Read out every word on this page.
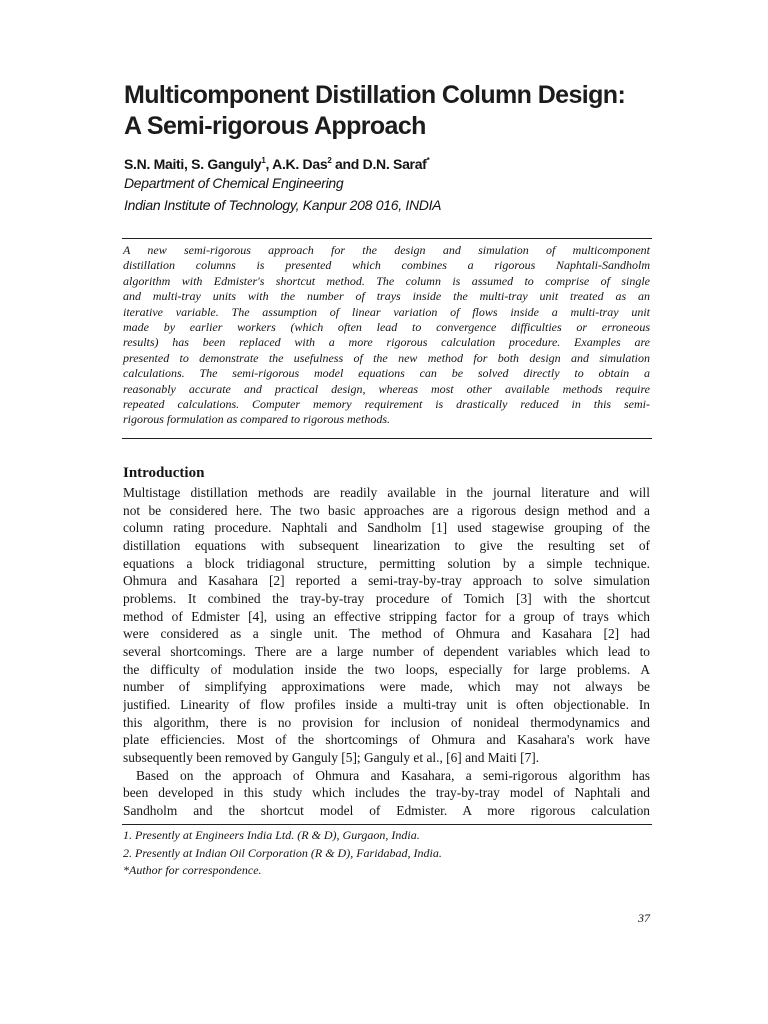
Multicomponent Distillation Column Design:
A Semi-rigorous Approach
S.N. Maiti, S. Ganguly$^1$, A.K. Das$^2$ and D.N. Saraf*
Department of Chemical Engineering
Indian Institute of Technology, Kanpur 208 016, INDIA

A new semi-rigorous approach for the design and simulation of multicomponent
distillation columns is presented which combines a rigorous Naphtali-Sandholm
algorithm with Edmister's shortcut method. The column is assumed to comprise of single
and multi-tray units with the number of trays inside the multi-tray unit treated as an
iterative variable. The assumption of linear variation of flows inside a multi-tray unit
made by earlier workers (which often lead to convergence difficulties or erroneous
results) has been replaced with a more rigorous calculation procedure. Examples are
presented to demonstrate the usefulness of the new method for both design and simulation
calculations. The semi-rigorous model equations can be solved directly to obtain a
reasonably accurate and practical design, whereas most other available methods require
repeated calculations. Computer memory requirement is drastically reduced in this semi-
rigorous formulation as compared to rigorous methods.

Introduction

Multistage distillation methods are readily available in the journal literature and will
not be considered here. The two basic approaches are a rigorous design method and a
column rating procedure. Naphtali and Sandholm [1] used stagewise grouping of the
distillation equations with subsequent linearization to give the resulting set of
equations a block tridiagonal structure, permitting solution by a simple technique.
Ohmura and Kasahara [2] reported a semi-tray-by-tray approach to solve simulation
problems. It combined the tray-by-tray procedure of Tomich [3] with the shortcut
method of Edmister [4], using an effective stripping factor for a group of trays which
were considered as a single unit. The method of Ohmura and Kasahara [2] had
several shortcomings. There are a large number of dependent variables which lead to
the difficulty of modulation inside the two loops, especially for large problems. A
number of simplifying approximations were made, which may not always be
justified. Linearity of flow profiles inside a multi-tray unit is often objectionable. In
this algorithm, there is no provision for inclusion of nonideal thermodynamics and
plate efficiencies. Most of the shortcomings of Ohmura and Kasahara's work have
subsequently been removed by Ganguly [5]; Ganguly et al., [6] and Maiti [7].
Based on the approach of Ohmura and Kasahara, a semi-rigorous algorithm has
been developed in this study which includes the tray-by-tray model of Naphtali and
Sandholm and the shortcut model of Edmister. A more rigorous calculation

1. Presently at Engineers India Ltd. (R & D), Gurgaon, India.
2. Presently at Indian Oil Corporation (R & D), Faridabad, India.
*Author for correspondence.
37
